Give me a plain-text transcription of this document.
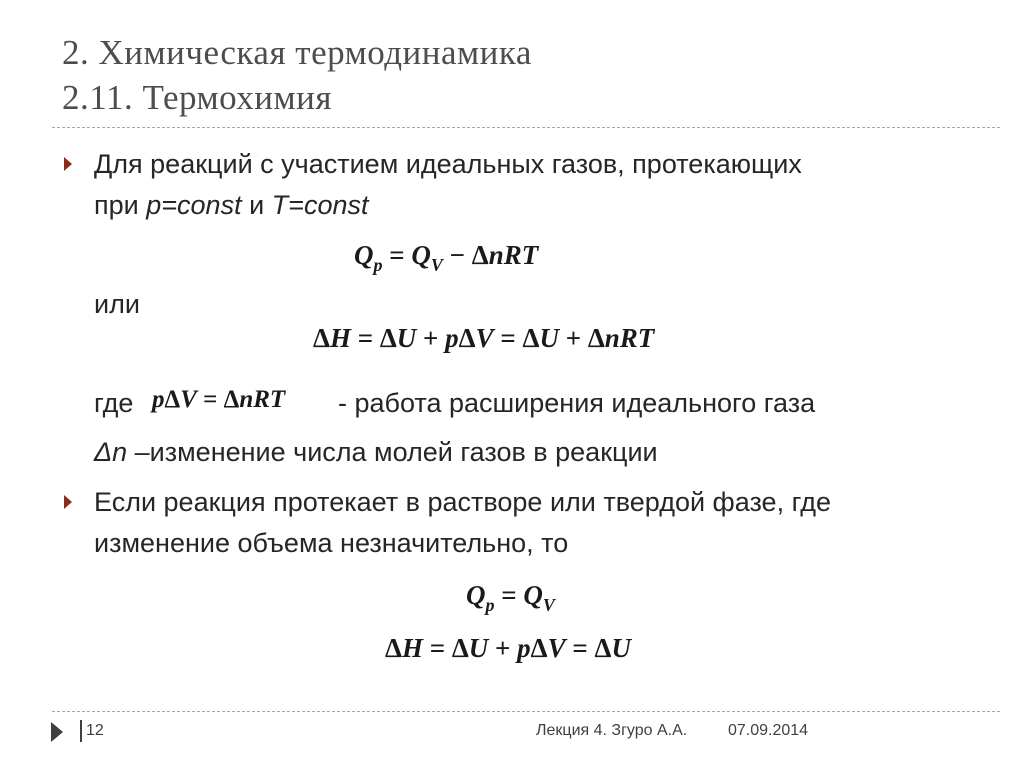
2. Химическая термодинамика
2.11. Термохимия
Для реакций с участием идеальных газов, протекающих
при p=const и T=const
$Q_p = Q_V - \Delta nRT$
или
ΔH = ΔU + pΔV = ΔU + ΔnRT
где pΔV = ΔnRT - работа расширения идеального газа
Δn –изменение числа молей газов в реакции
Если реакция протекает в растворе или твердой фазе, где
изменение объема незначительно, то
$Q_p = Q_V$
ΔH = ΔU + pΔV = ΔU
12	Лекция 4. Згуро А.А.	07.09.2014
